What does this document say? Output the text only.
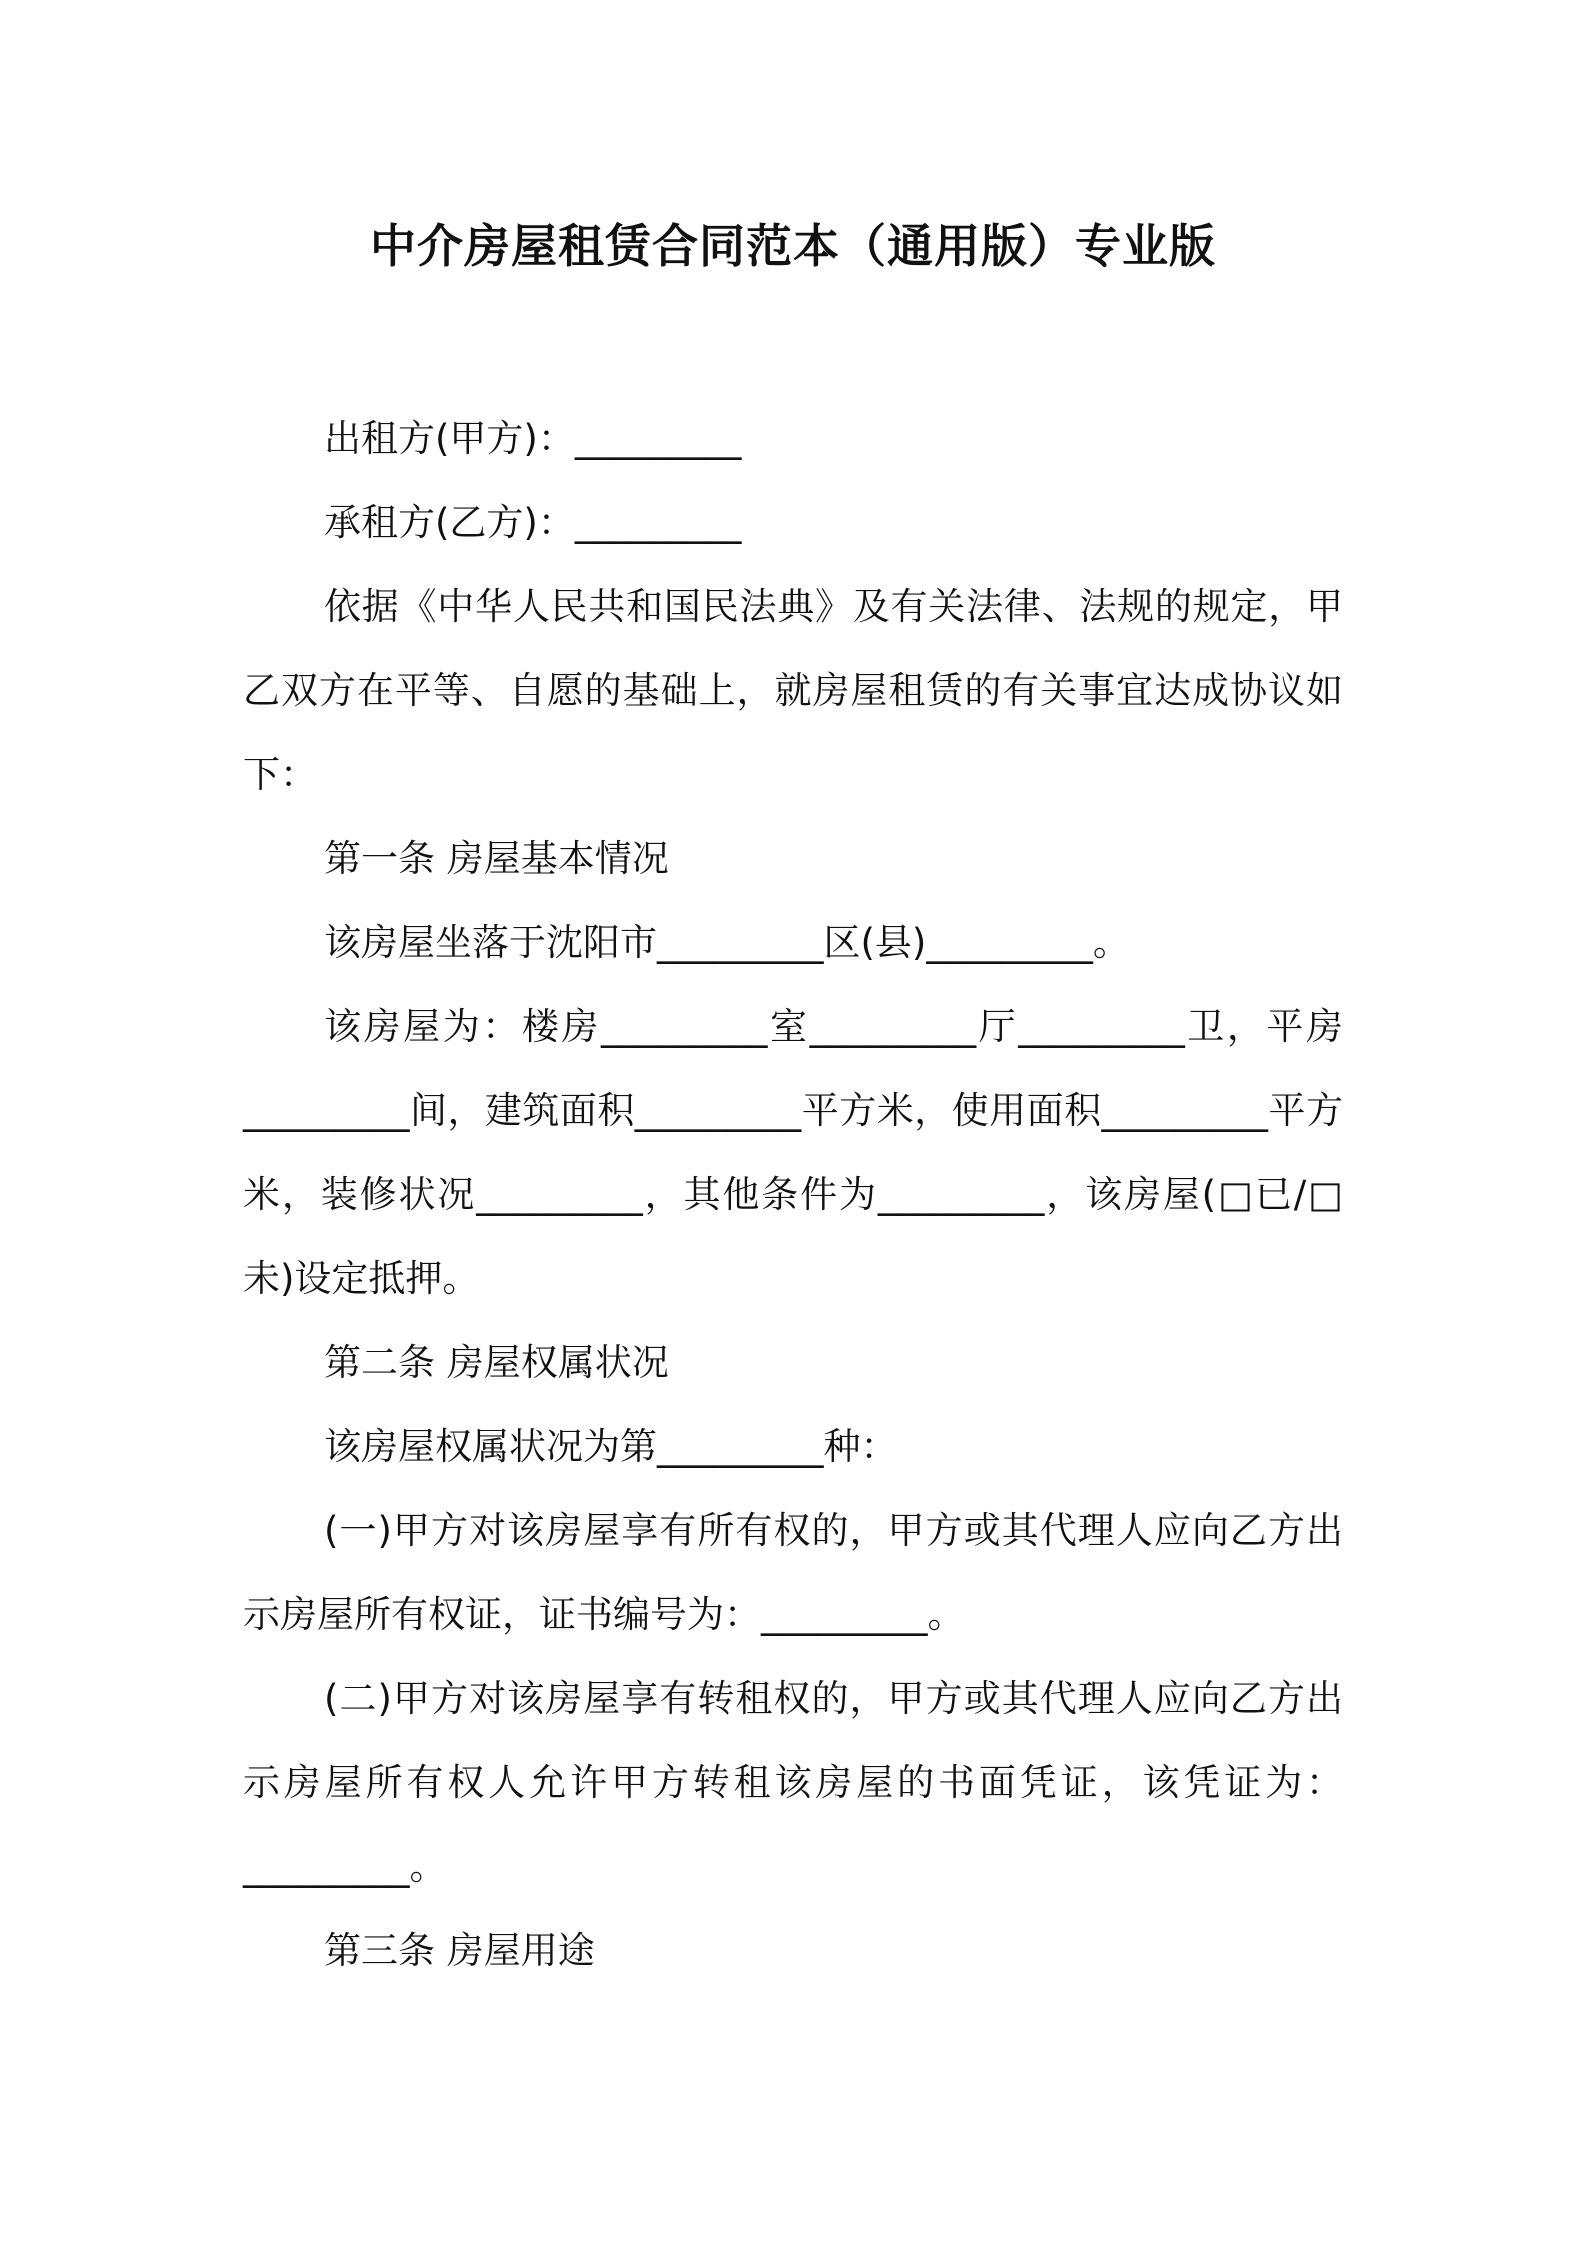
中介房屋租赁合同范本（通用版）专业版

出租方(甲方)：_________

承租方(乙方)：_________

依据《中华人民共和国民法典》及有关法律、法规的规定，甲乙双方在平等、自愿的基础上，就房屋租赁的有关事宜达成协议如下：

第一条 房屋基本情况

该房屋坐落于沈阳市_________区(县)_________。

该房屋为：楼房_________室_________厅_________卫，平房_________间，建筑面积_________平方米，使用面积_________平方米，装修状况_________，其他条件为_________，该房屋(□已/□未)设定抵押。

第二条 房屋权属状况

该房屋权属状况为第_________种：

(一)甲方对该房屋享有所有权的，甲方或其代理人应向乙方出示房屋所有权证，证书编号为：_________。

(二)甲方对该房屋享有转租权的，甲方或其代理人应向乙方出示房屋所有权人允许甲方转租该房屋的书面凭证，该凭证为：_________。

第三条 房屋用途
